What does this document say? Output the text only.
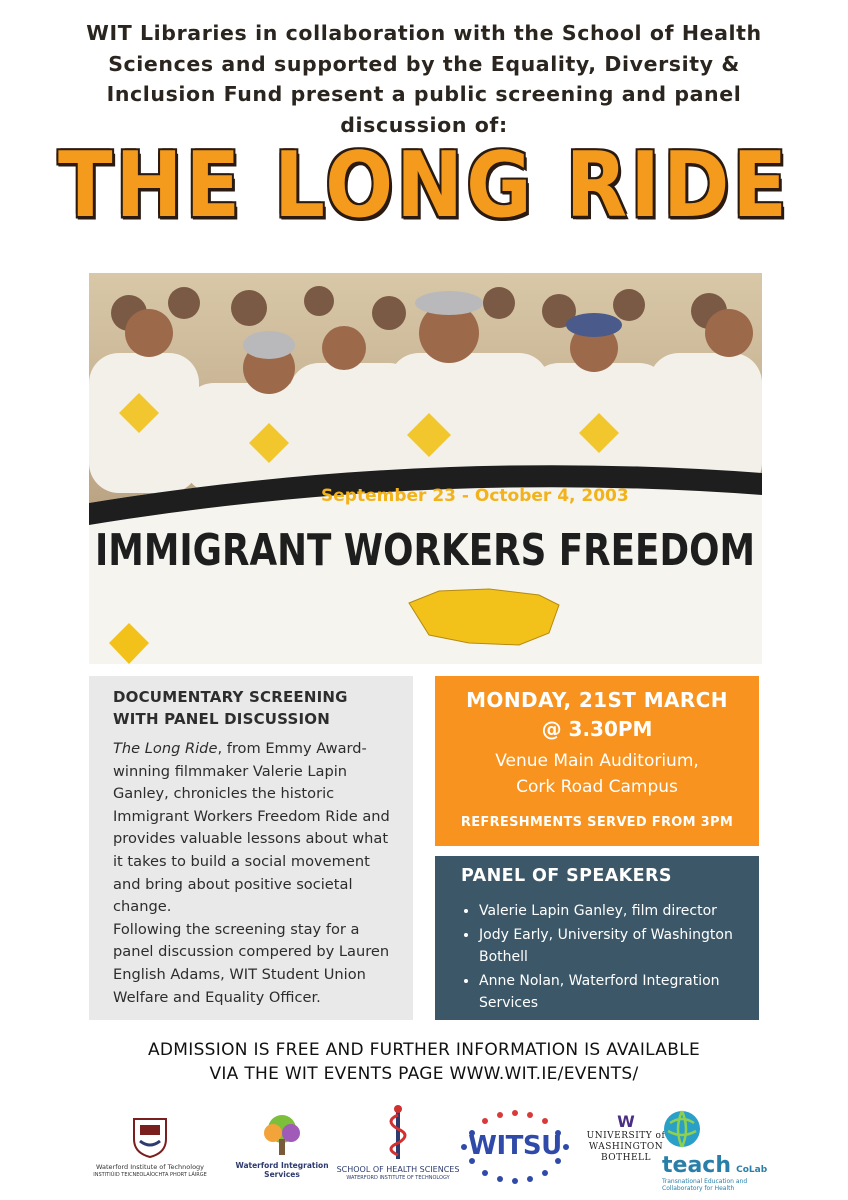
WIT Libraries in collaboration with the School of Health Sciences and supported by the Equality, Diversity & Inclusion Fund present a public screening and panel discussion of:
THE LONG RIDE
September 23 - October 4, 2003
IMMIGRANT WORKERS FREEDOM
DOCUMENTARY SCREENING WITH PANEL DISCUSSION
The Long Ride, from Emmy Award-winning filmmaker Valerie Lapin Ganley, chronicles the historic Immigrant Workers Freedom Ride and provides valuable lessons about what it takes to build a social movement and bring about positive societal change.
Following the screening stay for a panel discussion compered by Lauren English Adams, WIT Student Union Welfare and Equality Officer.
MONDAY, 21ST MARCH
@ 3.30PM
Venue Main Auditorium,
Cork Road Campus
REFRESHMENTS SERVED FROM 3PM
PANEL OF SPEAKERS
• Valerie Lapin Ganley, film director
• Jody Early, University of Washington Bothell
• Anne Nolan, Waterford Integration Services
ADMISSION IS FREE AND FURTHER INFORMATION IS AVAILABLE
VIA THE WIT EVENTS PAGE WWW.WIT.IE/EVENTS/
Waterford Institute of Technology
INSTITIÚID TEICNEOLAÍOCHTA PHORT LÁIRGE
Waterford Integration Services
SCHOOL OF HEALTH SCIENCES
WATERFORD INSTITUTE OF TECHNOLOGY
WITSU
W
UNIVERSITY of
WASHINGTON
BOTHELL teach CoLab
Transnational Education and Collaboratory for Health
